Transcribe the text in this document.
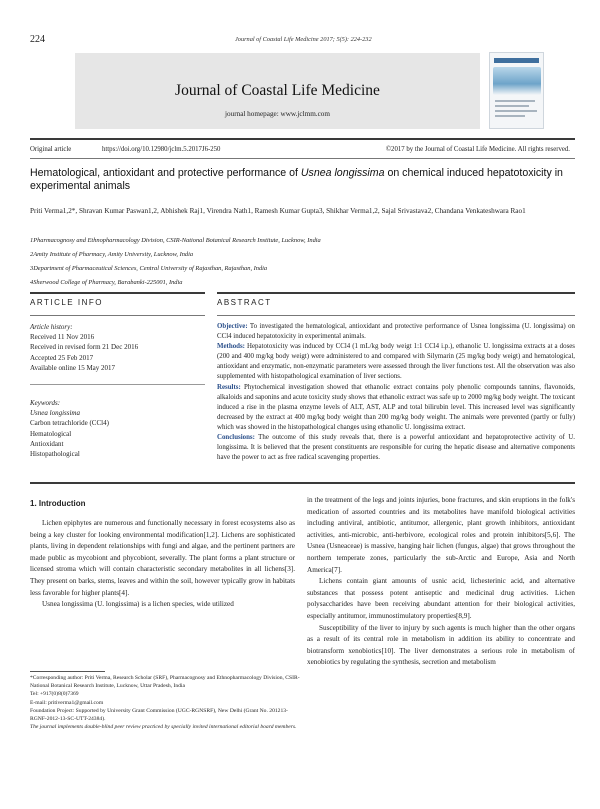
224	Journal of Coastal Life Medicine 2017; 5(5): 224-232
Journal of Coastal Life Medicine
journal homepage: www.jclmm.com
Original article	https://doi.org/10.12980/jclm.5.2017J6-250	©2017 by the Journal of Coastal Life Medicine. All rights reserved.
Hematological, antioxidant and protective performance of Usnea longissima on chemical induced hepatotoxicity in experimental animals
Priti Verma1,2*, Shravan Kumar Paswan1,2, Abhishek Raj1, Virendra Nath1, Ramesh Kumar Gupta3, Shikhar Verma1,2, Sajal Srivastava2, Chandana Venkateshwara Rao1
1Pharmacognosy and Ethnopharmacology Division, CSIR-National Botanical Research Institute, Lucknow, India
2Amity Institute of Pharmacy, Amity University, Lucknow, India
3Department of Pharmaceutical Sciences, Central University of Rajasthan, Rajasthan, India
4Sherwood College of Pharmacy, Barabanki-225001, India
ARTICLE INFO	ABSTRACT
Article history:
Received 11 Nov 2016
Received in revised form 21 Dec 2016
Accepted 25 Feb 2017
Available online 15 May 2017
Keywords:
Usnea longissima
Carbon tetrachloride (CCl4)
Hematological
Antioxidant
Histopathological
Objective: To investigated the hematological, antioxidant and protective performance of Usnea longissima (U. longissima) on CCl4 induced hepatotoxicity in experimental animals.
Methods: Hepatotoxicity was induced by CCl4 (1 mL/kg body weigt 1:1 CCl4 i.p.), ethanolic U. longissima extracts at a doses (200 and 400 mg/kg body weigt) were administered to and compared with Silymarin (25 mg/kg body weigt) and hematological, antioxidant and enzymatic, non-enzymatic parameters were assessed through the liver functions test. All the observation was also supplemented with histopathological examination of liver sections.
Results: Phytochemical investigation showed that ethanolic extract contains poly phenolic compounds tannins, flavonoids, alkaloids and saponins and acute toxicity study shows that ethanolic extract was safe up to 2000 mg/kg body weight. The toxicant induced a rise in the plasma enzyme levels of ALT, AST, ALP and total bilirubin level. This increased level was significantly decreased by the extract at 400 mg/kg body weight than 200 mg/kg body weight. The animals were prevented (partly or fully) which was showed in the histopathological changes using ethanolic U. longissima extract.
Conclusions: The outcome of this study reveals that, there is a powerful antioxidant and hepatoprotective activity of U. longissima. It is believed that the present constituents are responsible for curing the hepatic disease and alternative components have the power to act as free radical scavenging properties.
1. Introduction

Lichen epiphytes are numerous and functionally necessary in forest ecosystems also as being a key cluster for looking environmental modification[1,2]. Lichens are sophisticated plants, living in dependent relationships with fungi and algae, and the pertinent partners are made public as mycobiont and phycobiont, severally. The plant forms a plant structure or licensed stroma which will contain characteristic secondary metabolites in all lichens[3]. They present on barks, stems, leaves and within the soil, however typically grow in habitats less favorable for higher plants[4].

Usnea longissima (U. longissima) is a lichen species, wide utilized

*Corresponding author: Priti Verma, Research Scholar (SRF), Pharmacognosy and Ethnopharmacology Division, CSIR-National Botanical Research Institute, Lucknow, Uttar Pradesh, India
Tel: +917(0)8(0)7369
E-mail: pritiverma1@gmail.com
Foundation Project: Supported by University Grant Commission (UGC-RGNSRF), New Delhi (Grant No. 201213-RGNF-2012-13-SC-UTT-24384).
The journal implements double-blind peer review practiced by specially invited international editorial board members.

in the treatment of the legs and joints injuries, bone fractures, and skin eruptions in the folk's medication of assorted countries and its metabolites have manifold biological activities including antiviral, antibiotic, antitumor, allergenic, plant growth inhibitors, antioxidant activities, anti-microbic, anti-herbivore, ecological roles and protein inhibitors[5,6]. The Usnea (Usneaceae) is massive, hanging hair lichen (fungus, algae) that grows throughout the northern temperate zones, particularly the sub-Arctic and Europe, Asia and North America[7].

Lichens contain giant amounts of usnic acid, lichesterinic acid, and alternative substances that possess potent antiseptic and medicinal drug activities. Lichen polysaccharides have been receiving abundant attention for their biological activities, especially antitumor, immunostimulatory properties[8,9].

Susceptibility of the liver to injury by such agents is much higher than the other organs as a result of its central role in metabolism in addition its ability to concentrate and biotransform xenobiotics[10]. The liver demonstrates a serious role in metabolism of xenobiotics by regulating the synthesis, secretion and metabolism
